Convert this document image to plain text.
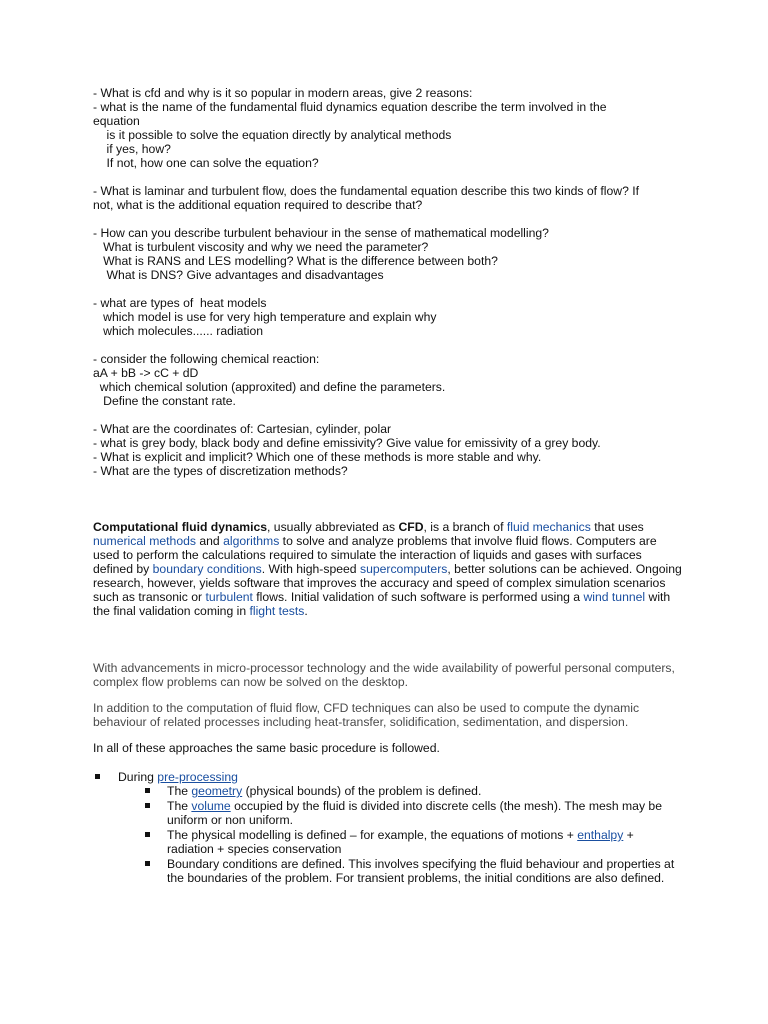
- What is cfd and why is it so popular in modern areas, give 2 reasons:
- what is the name of the fundamental fluid dynamics equation describe the term involved in the
equation
is it possible to solve the equation directly by analytical methods
if yes, how?
If not, how one can solve the equation?
- What is laminar and turbulent flow, does the fundamental equation describe this two kinds of flow? If
not, what is the additional equation required to describe that?
- How can you describe turbulent behaviour in the sense of mathematical modelling?
What is turbulent viscosity and why we need the parameter?
What is RANS and LES modelling? What is the difference between both?
What is DNS? Give advantages and disadvantages
- what are types of  heat models
which model is use for very high temperature and explain why
which molecules...... radiation
- consider the following chemical reaction:
aA + bB -> cC + dD
which chemical solution (approxited) and define the parameters.
Define the constant rate.
- What are the coordinates of: Cartesian, cylinder, polar
- what is grey body, black body and define emissivity? Give value for emissivity of a grey body.
- What is explicit and implicit? Which one of these methods is more stable and why.
- What are the types of discretization methods?

Computational fluid dynamics, usually abbreviated as CFD, is a branch of fluid mechanics that uses numerical methods and algorithms to solve and analyze problems that involve fluid flows. Computers are used to perform the calculations required to simulate the interaction of liquids and gases with surfaces defined by boundary conditions. With high-speed supercomputers, better solutions can be achieved. Ongoing research, however, yields software that improves the accuracy and speed of complex simulation scenarios such as transonic or turbulent flows. Initial validation of such software is performed using a wind tunnel with the final validation coming in flight tests.

With advancements in micro-processor technology and the wide availability of powerful personal computers, complex flow problems can now be solved on the desktop.

In addition to the computation of fluid flow, CFD techniques can also be used to compute the dynamic behaviour of related processes including heat-transfer, solidification, sedimentation, and dispersion.

In all of these approaches the same basic procedure is followed.

During pre-processing
The geometry (physical bounds) of the problem is defined.
The volume occupied by the fluid is divided into discrete cells (the mesh). The mesh may be uniform or non uniform.
The physical modelling is defined – for example, the equations of motions + enthalpy + radiation + species conservation
Boundary conditions are defined. This involves specifying the fluid behaviour and properties at the boundaries of the problem. For transient problems, the initial conditions are also defined.
